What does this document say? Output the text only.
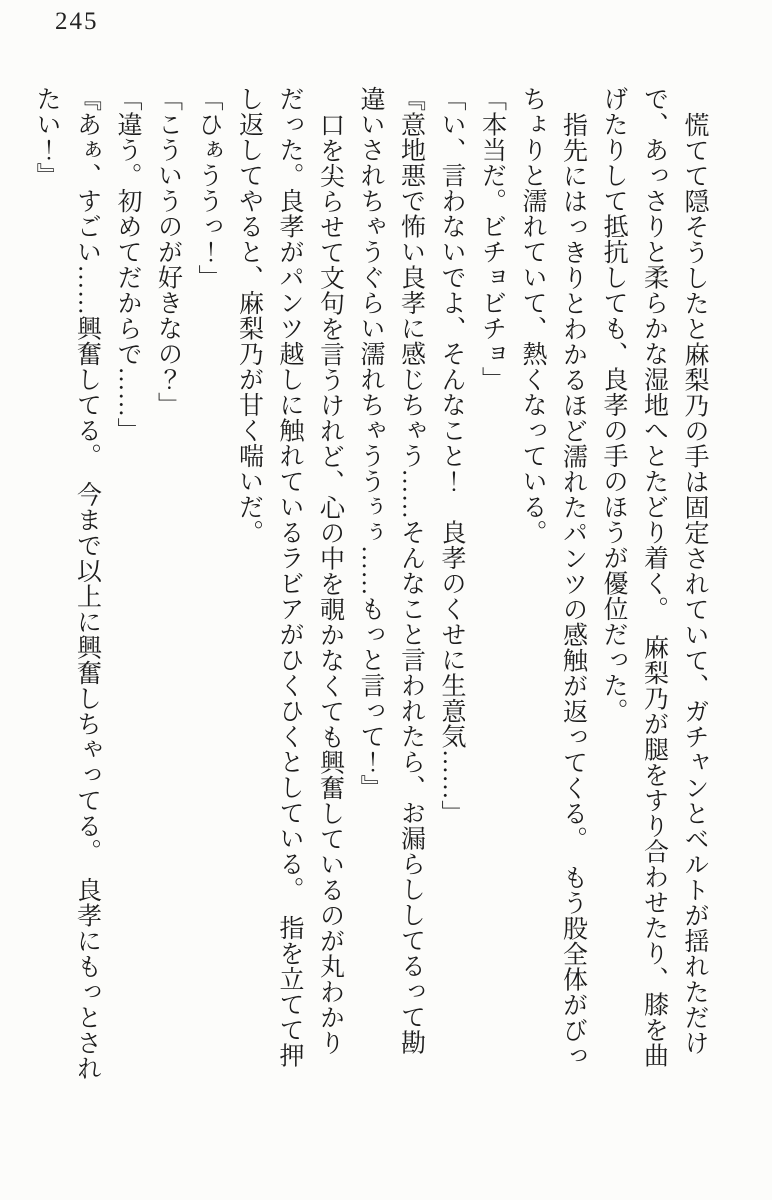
245

慌てて隠そうしたと麻梨乃の手は固定されていて、ガチャンとベルトが揺れただけ

で、あっさりと柔らかな湿地へとたどり着く。　麻梨乃が腿をすり合わせたり、膝を曲

げたりして抵抗しても、良孝の手のほうが優位だった。

指先にはっきりとわかるほど濡れたパンツの感触が返ってくる。　もう股全体がびっ

ちょりと濡れていて、熱くなっている。

「本当だ。ビチョビチョ」

「い、言わないでよ、そんなこと！　良孝のくせに生意気……」

『意地悪で怖い良孝に感じちゃう……そんなこと言われたら、お漏らししてるって勘

違いされちゃうぐらい濡れちゃううぅぅ……もっと言って！』

口を尖らせて文句を言うけれど、心の中を覗かなくても興奮しているのが丸わかり

だった。良孝がパンツ越しに触れているラビアがひくひくとしている。　指を立てて押

し返してやると、麻梨乃が甘く喘いだ。

「ひぁううっ！」

「こういうのが好きなの？」

「違う。初めてだからで……」

『あぁ、すごい……興奮してる。　今まで以上に興奮しちゃってる。　良孝にもっとされ

たい！』
